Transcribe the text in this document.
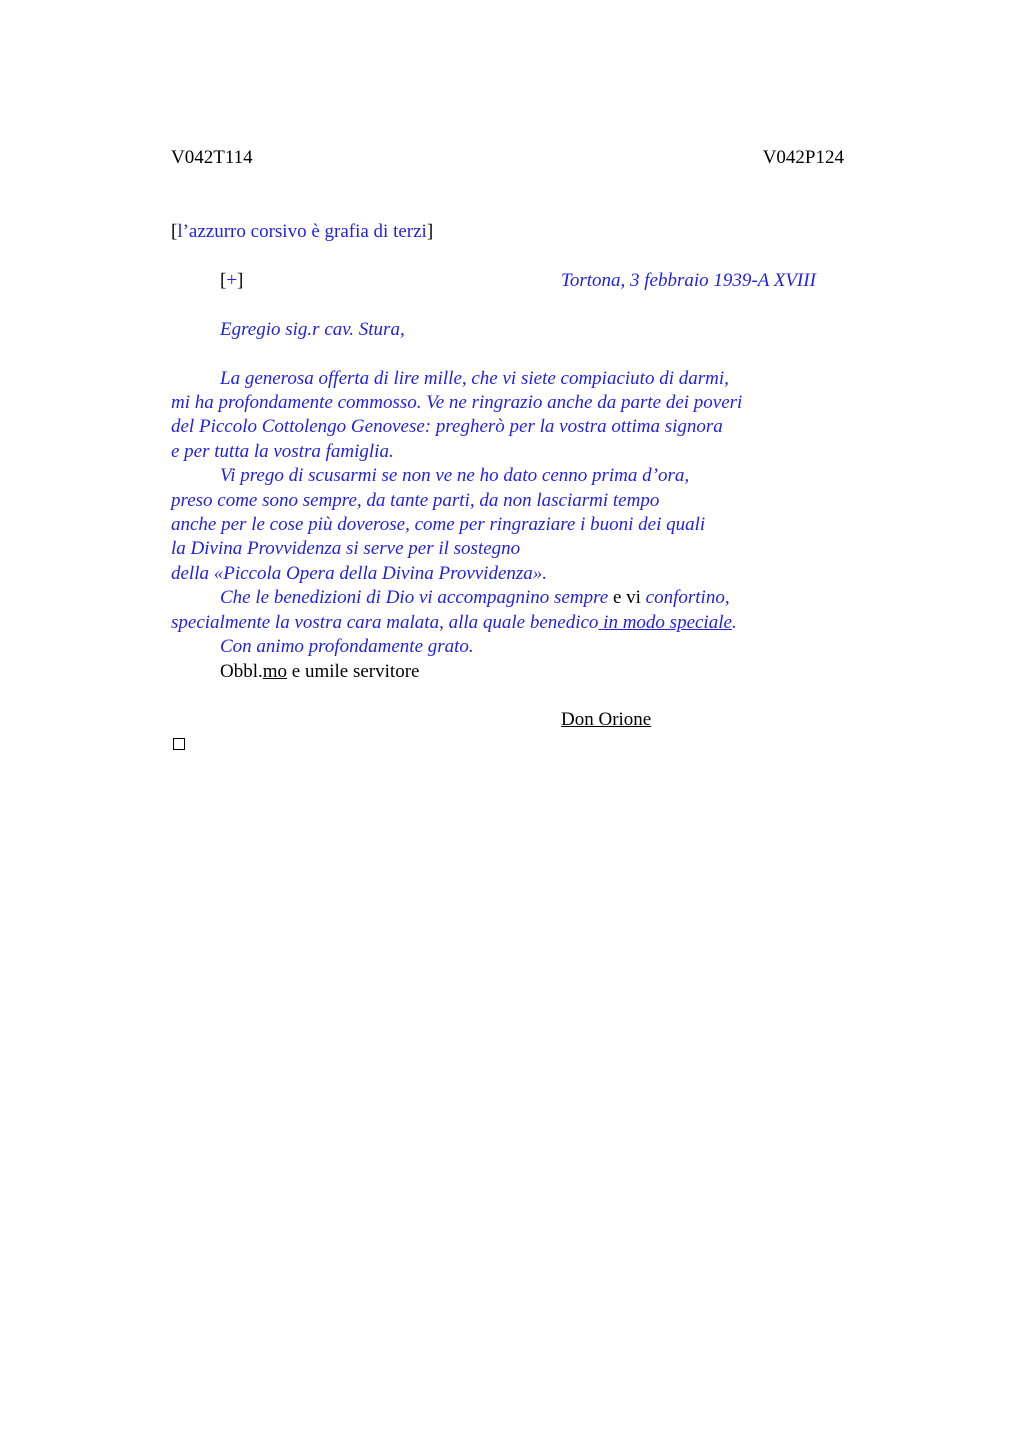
V042T114	V042P124
[l’azzurro corsivo è grafia di terzi]
[+]	Tortona, 3 febbraio 1939-A XVIII
Egregio sig.r cav. Stura,
La generosa offerta di lire mille, che vi siete compiaciuto di darmi,
mi ha profondamente commosso. Ve ne ringrazio anche da parte dei poveri
del Piccolo Cottolengo Genovese: pregherò per la vostra ottima signora
e per tutta la vostra famiglia.
Vi prego di scusarmi se non ve ne ho dato cenno prima d’ora,
preso come sono sempre, da tante parti, da non lasciarmi tempo
anche per le cose più doverose, come per ringraziare i buoni dei quali
la Divina Provvidenza si serve per il sostegno
della «Piccola Opera della Divina Provvidenza».
Che le benedizioni di Dio vi accompagnino sempre e vi confortino,
specialmente la vostra cara malata, alla quale benedico in modo speciale.
Con animo profondamente grato.
Obbl.mo e umile servitore
Don Orione
